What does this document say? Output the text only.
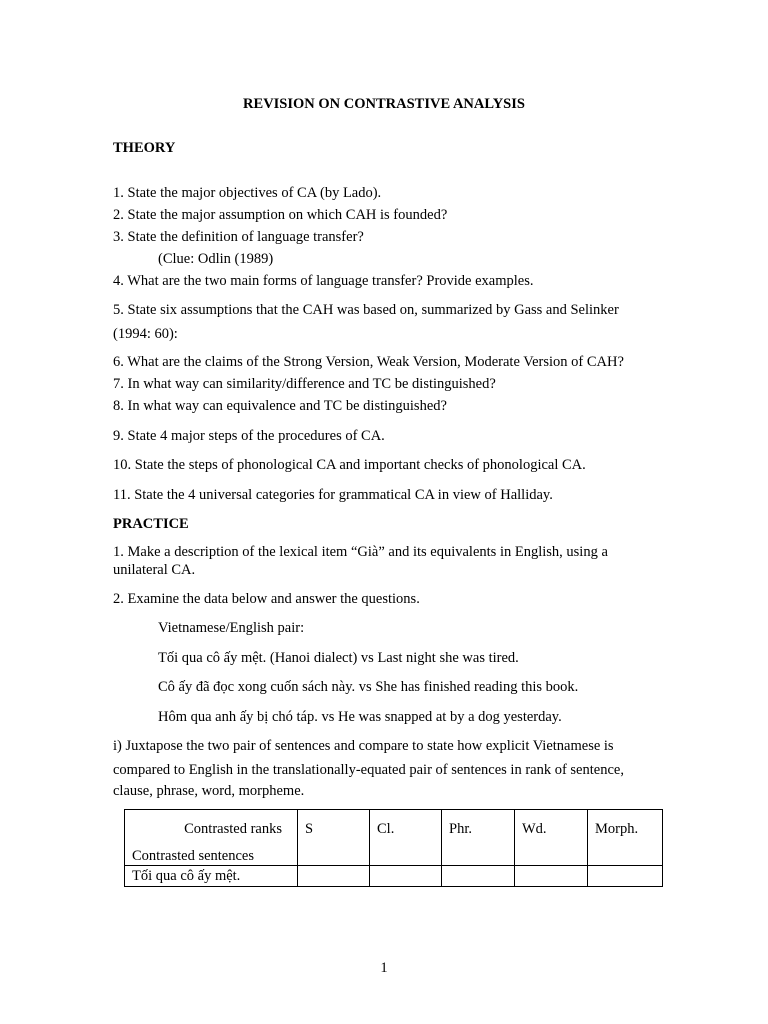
REVISION ON CONTRASTIVE ANALYSIS
THEORY
1. State the major objectives of CA (by Lado).
2. State the major assumption on which CAH is founded?
3. State the definition of language transfer?
(Clue: Odlin (1989)
4. What are the two main forms of language transfer? Provide examples.
5. State six assumptions that the CAH was based on, summarized by Gass and Selinker
(1994: 60):
6. What are the claims of the Strong Version, Weak Version, Moderate Version of CAH?
7. In what way can similarity/difference and TC be distinguished?
8. In what way can equivalence and TC be distinguished?
9. State 4 major steps of the procedures of CA.
10. State the steps of phonological CA and important checks of phonological CA.
11. State the 4 universal categories for grammatical CA in view of Halliday.
PRACTICE
1. Make a description of the lexical item “Già” and its equivalents in English, using a
unilateral CA.
2. Examine the data below and answer the questions.
Vietnamese/English pair:
Tối qua cô ấy mệt. (Hanoi dialect) vs Last night she was tired.
Cô ấy đã đọc xong cuốn sách này. vs She has finished reading this book.
Hôm qua anh ấy bị chó táp. vs He was snapped at by a dog yesterday.
i) Juxtapose the two pair of sentences and compare to state how explicit Vietnamese is
compared to English in the translationally-equated pair of sentences in rank of sentence,
clause, phrase, word, morpheme.
Contrasted ranks
Contrasted sentences	S	Cl.	Phr.	Wd.	Morph.

Tối qua cô ấy mệt.					
1
